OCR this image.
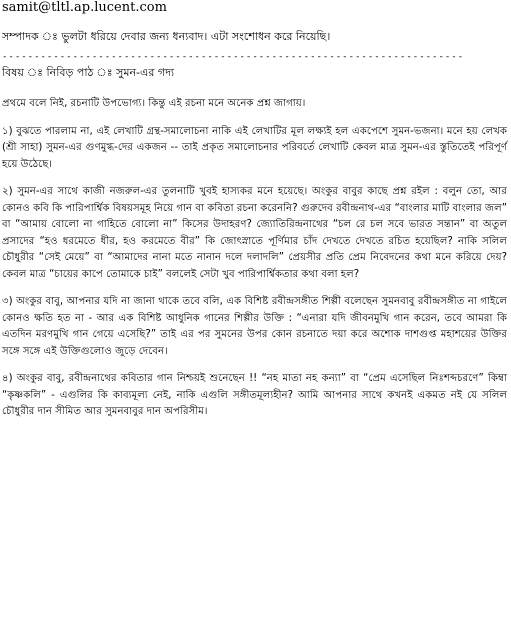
samit@tltl.ap.lucent.com
সম্পাদক ঃ ভুলটা ধরিয়ে দেবার জন্য ধন্যবাদ। এটা সংশোধন করে নিয়েছি।
------------------------------------------------------------------------
বিষয় ঃ নিবিড় পাঠ ঃ সুমন-এর গদ্য

প্রথমে বলে নিই, রচনাটি উপভোগ্য। কিন্তু এই রচনা মনে অনেক প্রশ্ন জাগায়।

১) বুঝতে পারলাম না, এই লেখাটি গ্রন্থ-সমালোচনা নাকি এই লেখাটির মূল লক্ষ্যই হল একপেশে সুমন-ভজনা। মনে হয় লেখক (শ্রী সাহা) সুমন-এর গুণমুগ্ধ-দের একজন -- তাই প্রকৃত সমালোচনার পরিবর্তে লেখাটি কেবল মাত্র সুমন-এর স্তুতিতেই পরিপূর্ণ হয়ে উঠেছে।

২) সুমন-এর সাথে কাজী নজরুল-এর তুলনাটি খুবই হাস্যকর মনে হয়েছে। অংকুর বাবুর কাছে প্রশ্ন রইল : বলুন তো, আর কোনও কবি কি পারিপার্শ্বিক বিষয়সমূহ নিয়ে গান বা কবিতা রচনা করেননি? গুরুদেব রবীন্দ্রনাথ-এর “বাংলার মাটি বাংলার জল” বা “আমায় বোলো না গাহিতে বোলো না” কিসের উদাহরণ? জ্যোতিরিন্দ্রনাথের “চল রে চল সবে ভারত সন্তান” বা অতুল প্রসাদের “হও ধরমেতে ধীর, হও করমেতে বীর” কি জোৎস্নাতে পূর্ণিমার চাঁদ দেখতে দেখতে রচিত হয়েছিল? নাকি সলিল চৌধুরীর “সেই মেয়ে” বা “আমাদের নানা মতে নানান দলে দলাদলি” প্রেয়সীর প্রতি প্রেম নিবেদনের কথা মনে করিয়ে দেয়? কেবল মাত্র “চায়ের কাপে তোমাকে চাই” বললেই সেটা খুব পারিপার্শ্বিকতার কথা বলা হল?

৩) অংকুর বাবু, আপনার যদি না জানা থাকে তবে বলি, এক বিশিষ্ট রবীন্দ্রসঙ্গীত শিল্পী বলেছেন সুমনবাবু রবীন্দ্রসঙ্গীত না গাইলে কোনও ক্ষতি হত না - আর এক বিশিষ্ট আধুনিক গানের শিল্পীর উক্তি : “এনারা যদি জীবনমুখি গান করেন, তবে আমরা কি এতদিন মরণমুখি গান গেয়ে এসেছি?” তাই এর পর সুমনের উপর কোন রচনাতে দয়া করে অশোক দাশগুপ্ত মহাশয়ের উক্তির সঙ্গে সঙ্গে এই উক্তিগুলোও জুড়ে দেবেন।

৪) অংকুর বাবু, রবীন্দ্রনাথের কবিতার গান নিশ্চয়ই শুনেছেন !! “নহ মাতা নহ কন্যা” বা “প্রেম এসেছিল নিঃশব্দচরণে” কিম্বা “কৃষ্ণকলি” - এগুলির কি কাব্যমূল্য নেই, নাকি এগুলি সঙ্গীতমূল্যহীন? আমি আপনার সাথে কখনই একমত নই যে সলিল চৌধুরীর দান সীমিত আর সুমনবাবুর দান অপরিসীম।
